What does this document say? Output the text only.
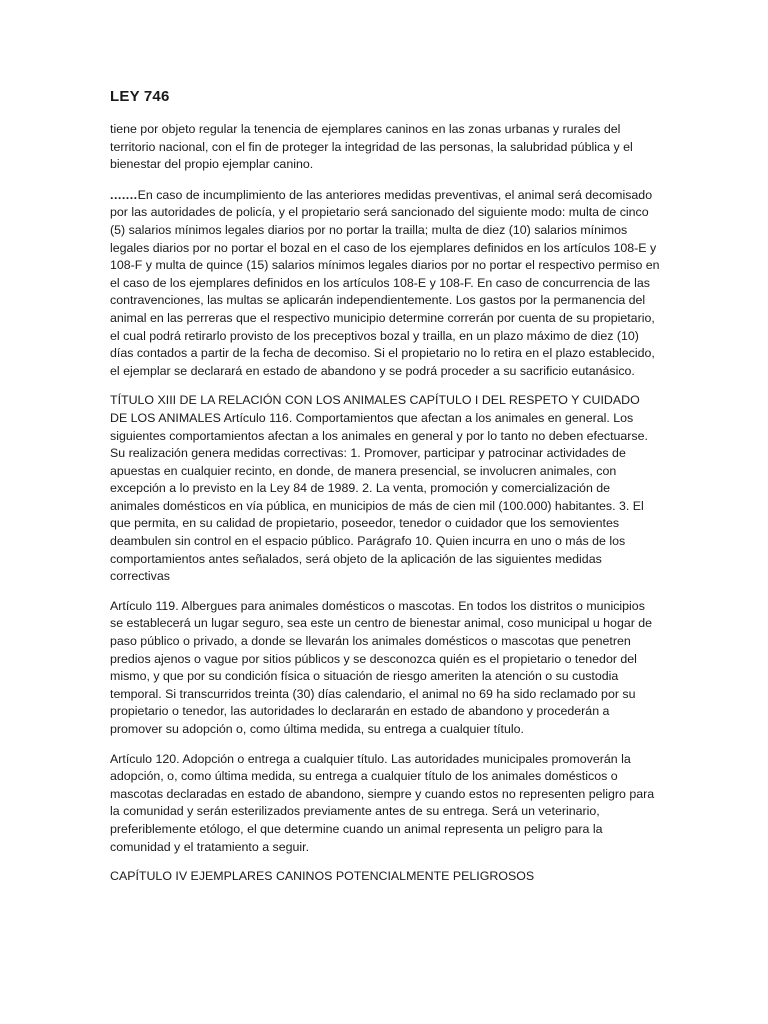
LEY 746

tiene por objeto regular la tenencia de ejemplares caninos en las zonas urbanas y rurales del territorio nacional, con el fin de proteger la integridad de las personas, la salubridad pública y el bienestar del propio ejemplar canino.

.......En caso de incumplimiento de las anteriores medidas preventivas, el animal será decomisado por las autoridades de policía, y el propietario será sancionado del siguiente modo: multa de cinco (5) salarios mínimos legales diarios por no portar la trailla; multa de diez (10) salarios mínimos legales diarios por no portar el bozal en el caso de los ejemplares definidos en los artículos 108-E y 108-F y multa de quince (15) salarios mínimos legales diarios por no portar el respectivo permiso en el caso de los ejemplares definidos en los artículos 108-E y 108-F. En caso de concurrencia de las contravenciones, las multas se aplicarán independientemente. Los gastos por la permanencia del animal en las perreras que el respectivo municipio determine correrán por cuenta de su propietario, el cual podrá retirarlo provisto de los preceptivos bozal y trailla, en un plazo máximo de diez (10) días contados a partir de la fecha de decomiso. Si el propietario no lo retira en el plazo establecido, el ejemplar se declarará en estado de abandono y se podrá proceder a su sacrificio eutanásico.

TÍTULO XIII DE LA RELACIÓN CON LOS ANIMALES CAPÍTULO I DEL RESPETO Y CUIDADO DE LOS ANIMALES Artículo 116. Comportamientos que afectan a los animales en general. Los siguientes comportamientos afectan a los animales en general y por lo tanto no deben efectuarse. Su realización genera medidas correctivas: 1. Promover, participar y patrocinar actividades de apuestas en cualquier recinto, en donde, de manera presencial, se involucren animales, con excepción a lo previsto en la Ley 84 de 1989. 2. La venta, promoción y comercialización de animales domésticos en vía pública, en municipios de más de cien mil (100.000) habitantes. 3. El que permita, en su calidad de propietario, poseedor, tenedor o cuidador que los semovientes deambulen sin control en el espacio público. Parágrafo 10. Quien incurra en uno o más de los comportamientos antes señalados, será objeto de la aplicación de las siguientes medidas correctivas

Artículo 119. Albergues para animales domésticos o mascotas. En todos los distritos o municipios se establecerá un lugar seguro, sea este un centro de bienestar animal, coso municipal u hogar de paso público o privado, a donde se llevarán los animales domésticos o mascotas que penetren predios ajenos o vague por sitios públicos y se desconozca quién es el propietario o tenedor del mismo, y que por su condición física o situación de riesgo ameriten la atención o su custodia temporal. Si transcurridos treinta (30) días calendario, el animal no 69 ha sido reclamado por su propietario o tenedor, las autoridades lo declararán en estado de abandono y procederán a promover su adopción o, como última medida, su entrega a cualquier título.

Artículo 120. Adopción o entrega a cualquier título. Las autoridades municipales promoverán la adopción, o, como última medida, su entrega a cualquier título de los animales domésticos o mascotas declaradas en estado de abandono, siempre y cuando estos no representen peligro para la comunidad y serán esterilizados previamente antes de su entrega. Será un veterinario, preferiblemente etólogo, el que determine cuando un animal representa un peligro para la comunidad y el tratamiento a seguir.

CAPÍTULO IV EJEMPLARES CANINOS POTENCIALMENTE PELIGROSOS
